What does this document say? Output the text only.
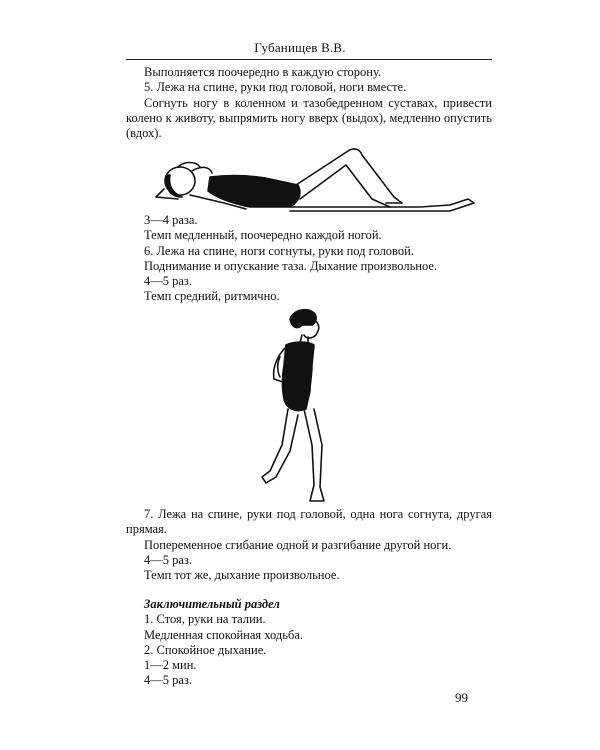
Губанищев В.В.

Выполняется поочередно в каждую сторону.

5. Лежа на спине, руки под головой, ноги вместе.

Согнуть ногу в коленном и тазобедренном суставах, привести колено к животу, выпрямить ногу вверх (выдох), медленно опустить (вдох).

3—4 раза.

Темп медленный, поочередно каждой ногой.

6. Лежа на спине, ноги согнуты, руки под головой.

Поднимание и опускание таза. Дыхание произвольное.

4—5 раз.

Темп средний, ритмично.

7. Лежа на спине, руки под головой, одна нога согнута, другая прямая.

Попеременное сгибание одной и разгибание другой ноги.

4—5 раз.

Темп тот же, дыхание произвольное.

Заключительный раздел

1. Стоя, руки на талии.

Медленная спокойная ходьба.

2. Спокойное дыхание.

1—2 мин.

4—5 раз.

99
